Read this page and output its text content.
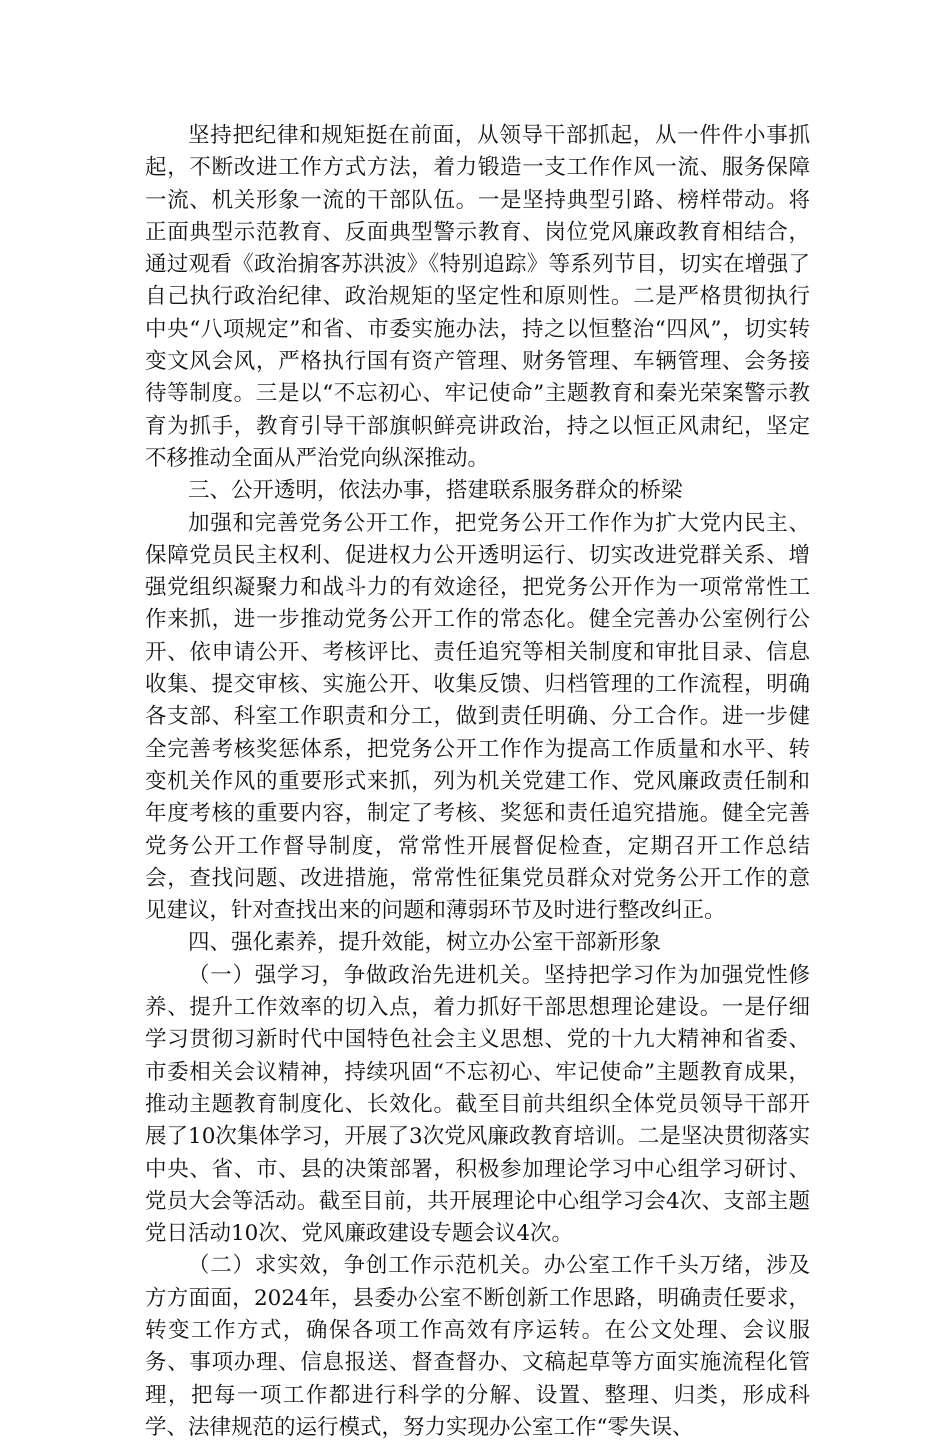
坚持把纪律和规矩挺在前面，从领导干部抓起，从一件件小事抓起，不断改进工作方式方法，着力锻造一支工作作风一流、服务保障一流、机关形象一流的干部队伍。一是坚持典型引路、榜样带动。将正面典型示范教育、反面典型警示教育、岗位党风廉政教育相结合，通过观看《政治掮客苏洪波》《特别追踪》等系列节目，切实在增强了自己执行政治纪律、政治规矩的坚定性和原则性。二是严格贯彻执行中央“八项规定”和省、市委实施办法，持之以恒整治“四风”，切实转变文风会风，严格执行国有资产管理、财务管理、车辆管理、会务接待等制度。三是以“不忘初心、牢记使命”主题教育和秦光荣案警示教育为抓手，教育引导干部旗帜鲜亮讲政治，持之以恒正风肃纪，坚定不移推动全面从严治党向纵深推动。

三、公开透明，依法办事，搭建联系服务群众的桥梁

加强和完善党务公开工作，把党务公开工作作为扩大党内民主、保障党员民主权利、促进权力公开透明运行、切实改进党群关系、增强党组织凝聚力和战斗力的有效途径，把党务公开作为一项常常性工作来抓，进一步推动党务公开工作的常态化。健全完善办公室例行公开、依申请公开、考核评比、责任追究等相关制度和审批目录、信息收集、提交审核、实施公开、收集反馈、归档管理的工作流程，明确各支部、科室工作职责和分工，做到责任明确、分工合作。进一步健全完善考核奖惩体系，把党务公开工作作为提高工作质量和水平、转变机关作风的重要形式来抓，列为机关党建工作、党风廉政责任制和年度考核的重要内容，制定了考核、奖惩和责任追究措施。健全完善党务公开工作督导制度，常常性开展督促检查，定期召开工作总结会，查找问题、改进措施，常常性征集党员群众对党务公开工作的意见建议，针对查找出来的问题和薄弱环节及时进行整改纠正。

四、强化素养，提升效能，树立办公室干部新形象

（一）强学习，争做政治先进机关。坚持把学习作为加强党性修养、提升工作效率的切入点，着力抓好干部思想理论建设。一是仔细学习贯彻习新时代中国特色社会主义思想、党的十九大精神和省委、市委相关会议精神，持续巩固“不忘初心、牢记使命”主题教育成果，推动主题教育制度化、长效化。截至目前共组织全体党员领导干部开展了10次集体学习，开展了3次党风廉政教育培训。二是坚决贯彻落实中央、省、市、县的决策部署，积极参加理论学习中心组学习研讨、党员大会等活动。截至目前，共开展理论中心组学习会4次、支部主题党日活动10次、党风廉政建设专题会议4次。

（二）求实效，争创工作示范机关。办公室工作千头万绪，涉及方方面面，2024年，县委办公室不断创新工作思路，明确责任要求，转变工作方式，确保各项工作高效有序运转。在公文处理、会议服务、事项办理、信息报送、督查督办、文稿起草等方面实施流程化管理，把每一项工作都进行科学的分解、设置、整理、归类，形成科学、法律规范的运行模式，努力实现办公室工作“零失误、
